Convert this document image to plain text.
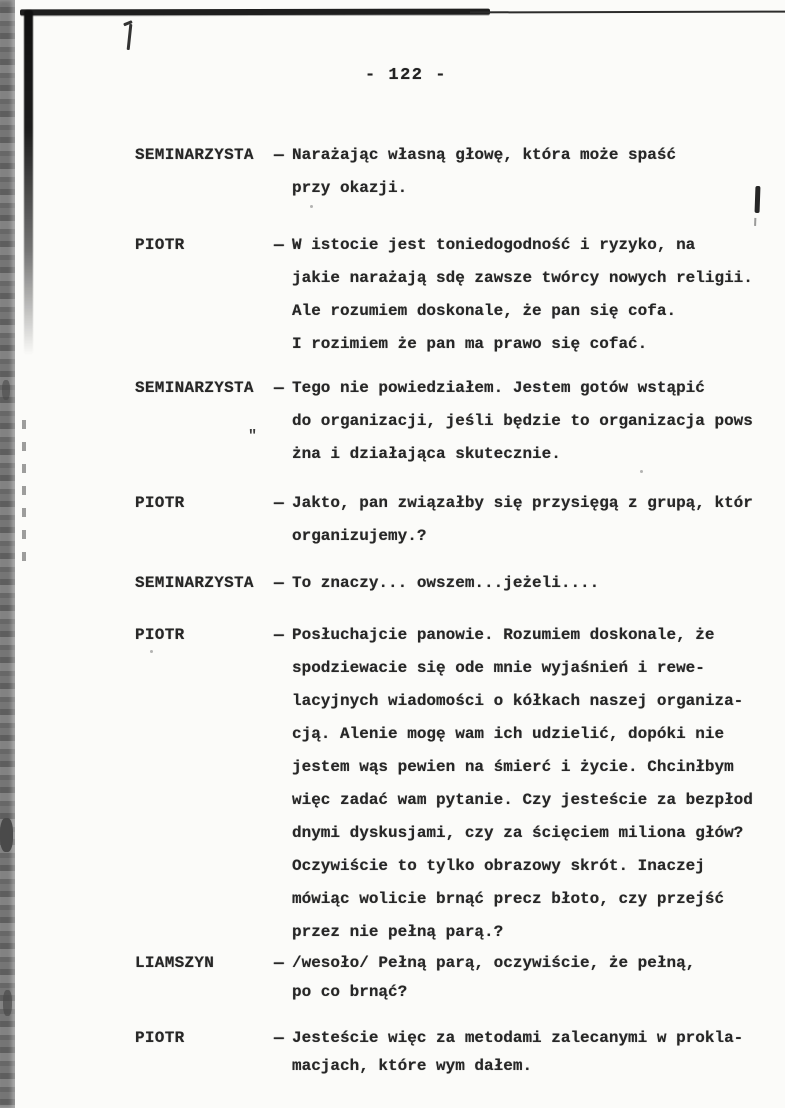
"
- 122 -
SEMINARZYSTA – Narażając własną głowę, która może spaść
przy okazji.
PIOTR	– W istocie jest toniedogodność i ryzyko, na
jakie narażają sdę zawsze twórcy nowych religii.
Ale rozumiem doskonale, że pan się cofa.
I rozimiem że pan ma prawo się cofać.
SEMINARZYSTA – Tego nie powiedziałem. Jestem gotów wstąpić
do organizacji, jeśli będzie to organizacja pows
żna i działająca skutecznie.
PIOTR	– Jakto, pan związałby się przysięgą z grupą, któr
organizujemy.?
SEMINARZYSTA – To znaczy... owszem...jeżeli....
PIOTR	– Posłuchajcie panowie. Rozumiem doskonale, że
spodziewacie się ode mnie wyjaśnień i rewe-
lacyjnych wiadomości o kółkach naszej organiza-
cją. Alenie mogę wam ich udzielić, dopóki nie
jestem wąs pewien na śmierć i życie. Chcinłbym
więc zadać wam pytanie. Czy jesteście za bezpłod
dnymi dyskusjami, czy za ścięciem miliona głów?
Oczywiście to tylko obrazowy skrót. Inaczej
mówiąc wolicie brnąć precz błoto, czy przejść
przez nie pełną parą.?
LIAMSZYN	– /wesoło/ Pełną parą, oczywiście, że pełną,
po co brnąć?
PIOTR	– Jesteście więc za metodami zalecanymi w prokla-
macjach, które wym dałem.
